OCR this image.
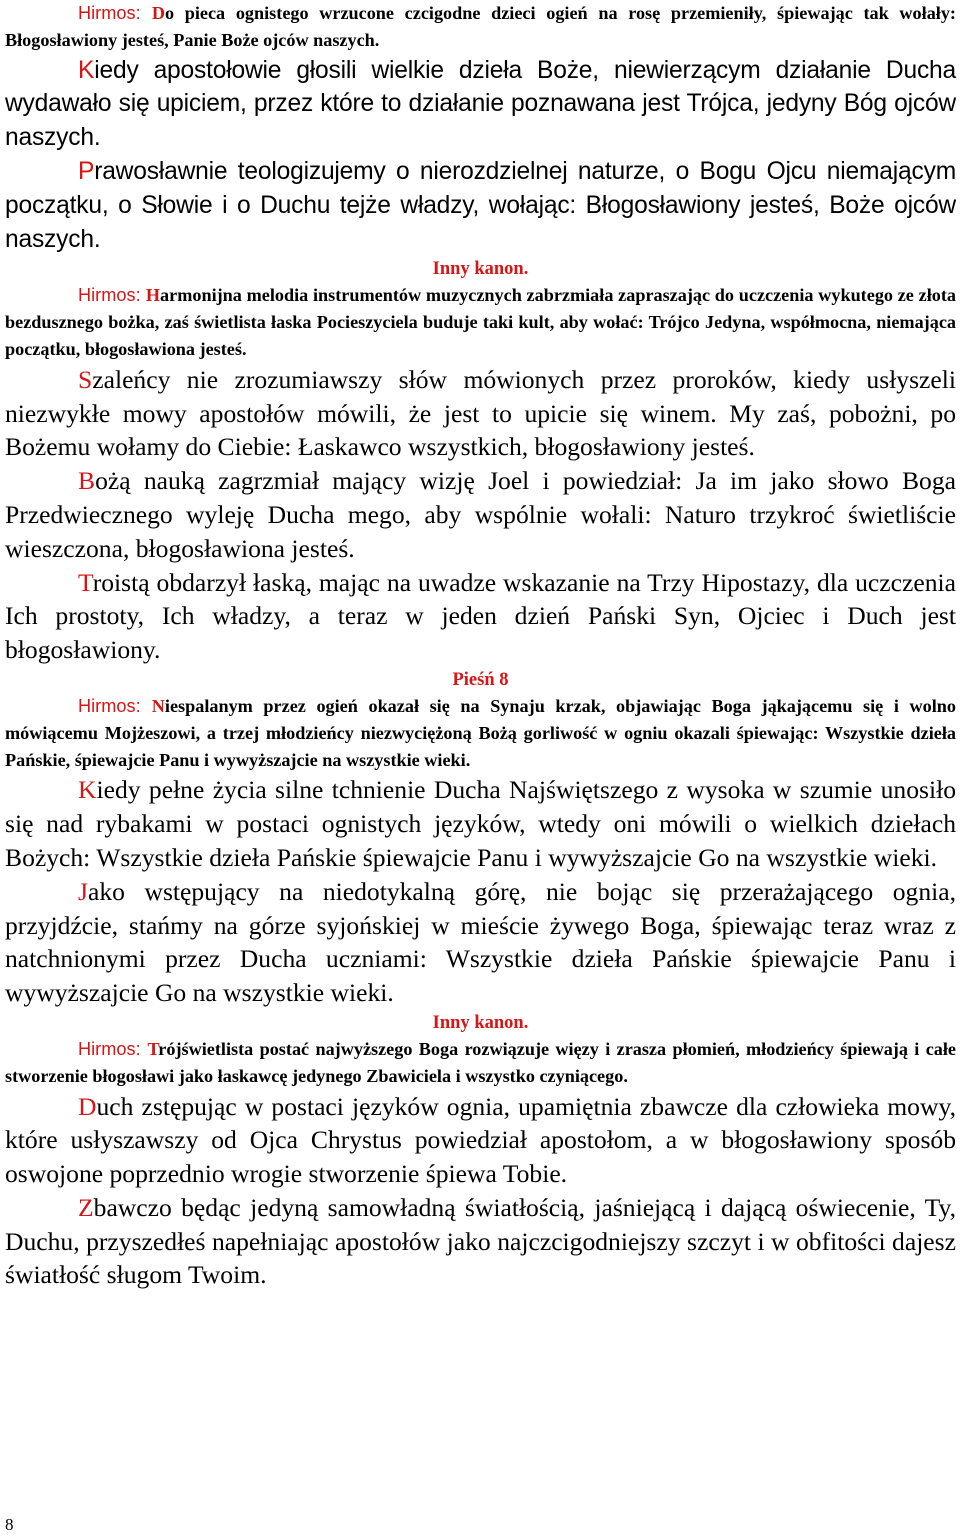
Hirmos: Do pieca ognistego wrzucone czcigodne dzieci ogień na rosę przemieniły, śpiewając tak wołały: Błogosławiony jesteś, Panie Boże ojców naszych.

Kiedy apostołowie głosili wielkie dzieła Boże, niewierzącym działanie Ducha wydawało się upiciem, przez które to działanie poznawana jest Trójca, jedyny Bóg ojców naszych.

Prawosławnie teologizujemy o nierozdzielnej naturze, o Bogu Ojcu niemającym początku, o Słowie i o Duchu tejże władzy, wołając: Błogosławiony jesteś, Boże ojców naszych.

Inny kanon.

Hirmos: Harmonijna melodia instrumentów muzycznych zabrzmiała zapraszając do uczczenia wykutego ze złota bezdusznego bożka, zaś świetlista łaska Pocieszyciela buduje taki kult, aby wołać: Trójco Jedyna, współmocna, niemająca początku, błogosławiona jesteś.

Szaleńcy nie zrozumiawszy słów mówionych przez proroków, kiedy usłyszeli niezwykłe mowy apostołów mówili, że jest to upicie się winem. My zaś, pobożni, po Bożemu wołamy do Ciebie: Łaskawco wszystkich, błogosławiony jesteś.

Bożą nauką zagrzmiał mający wizję Joel i powiedział: Ja im jako słowo Boga Przedwiecznego wyleję Ducha mego, aby wspólnie wołali: Naturo trzykroć świetliście wieszczona, błogosławiona jesteś.

Troistą obdarzył łaską, mając na uwadze wskazanie na Trzy Hipostazy, dla uczczenia Ich prostoty, Ich władzy, a teraz w jeden dzień Pański Syn, Ojciec i Duch jest błogosławiony.

Pieśń 8

Hirmos: Niespalanym przez ogień okazał się na Synaju krzak, objawiając Boga jąkającemu się i wolno mówiącemu Mojżeszowi, a trzej młodzieńcy niezwyciężoną Bożą gorliwość w ogniu okazali śpiewając: Wszystkie dzieła Pańskie, śpiewajcie Panu i wywyższajcie na wszystkie wieki.

Kiedy pełne życia silne tchnienie Ducha Najświętszego z wysoka w szumie unosiło się nad rybakami w postaci ognistych języków, wtedy oni mówili o wielkich dziełach Bożych: Wszystkie dzieła Pańskie śpiewajcie Panu i wywyższajcie Go na wszystkie wieki.

Jako wstępujący na niedotykalną górę, nie bojąc się przerażającego ognia, przyjdźcie, stańmy na górze syjońskiej w mieście żywego Boga, śpiewając teraz wraz z natchnionymi przez Ducha uczniami: Wszystkie dzieła Pańskie śpiewajcie Panu i wywyższajcie Go na wszystkie wieki.

Inny kanon.

Hirmos: Trójświetlista postać najwyższego Boga rozwiązuje więzy i zrasza płomień, młodzieńcy śpiewają i całe stworzenie błogosławi jako łaskawcę jedynego Zbawiciela i wszystko czyniącego.

Duch zstępując w postaci języków ognia, upamiętnia zbawcze dla człowieka mowy, które usłyszawszy od Ojca Chrystus powiedział apostołom, a w błogosławiony sposób oswojone poprzednio wrogie stworzenie śpiewa Tobie.

Zbawczo będąc jedyną samowładną światłością, jaśniejącą i dającą oświecenie, Ty, Duchu, przyszedłeś napełniając apostołów jako najczcigodniejszy szczyt i w obfitości dajesz światłość sługom Twoim.

8
